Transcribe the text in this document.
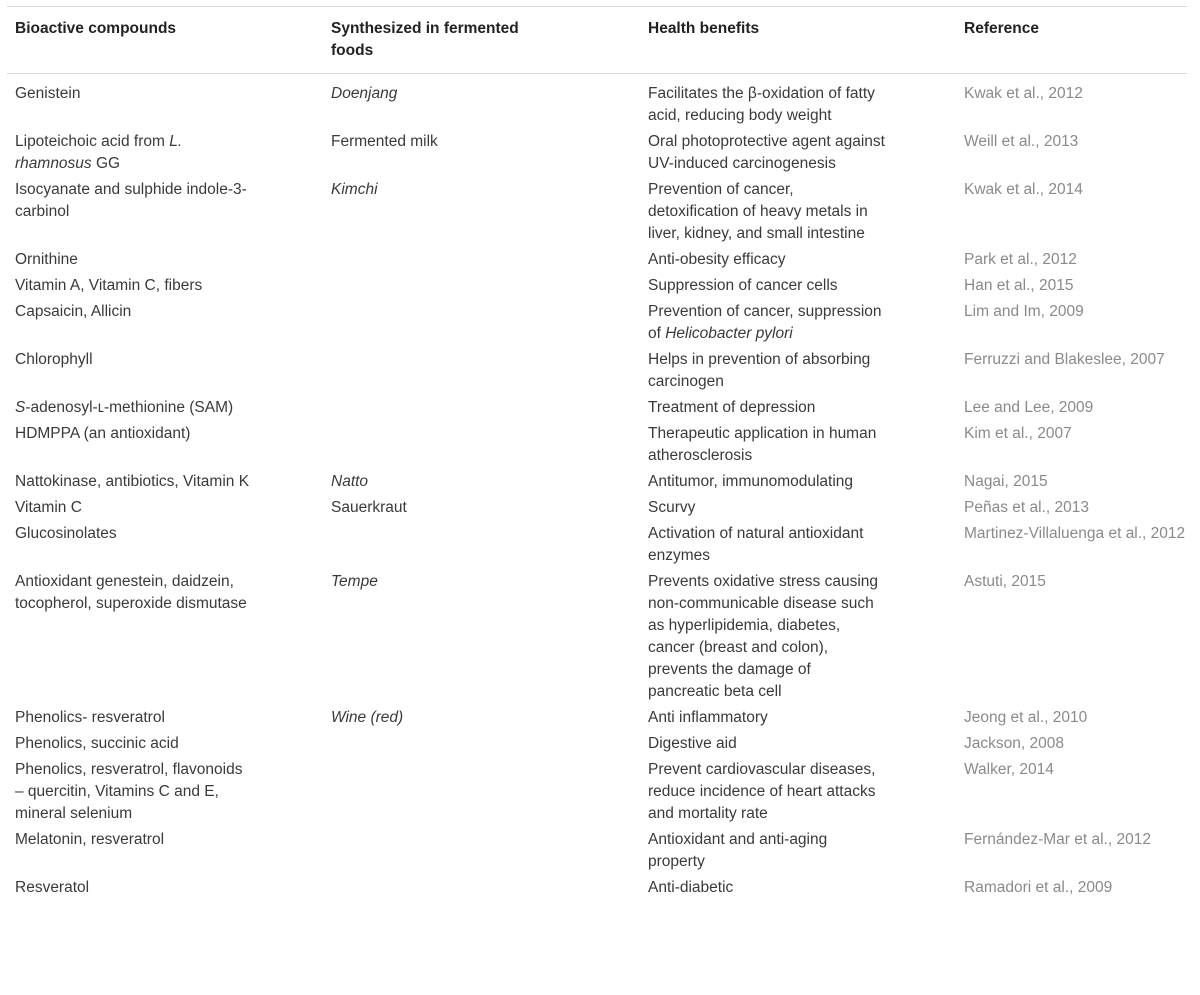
Bioactive compounds	Synthesized in fermented foods	Health benefits	Reference
Genistein	Doenjang	Facilitates the β-oxidation of fatty acid, reducing body weight	Kwak et al., 2012
Lipoteichoic acid from L. rhamnosus GG	Fermented milk	Oral photoprotective agent against UV-induced carcinogenesis	Weill et al., 2013
Isocyanate and sulphide indole-3-carbinol	Kimchi	Prevention of cancer, detoxification of heavy metals in liver, kidney, and small intestine	Kwak et al., 2014
Ornithine		Anti-obesity efficacy	Park et al., 2012
Vitamin A, Vitamin C, fibers		Suppression of cancer cells	Han et al., 2015
Capsaicin, Allicin		Prevention of cancer, suppression of Helicobacter pylori	Lim and Im, 2009
Chlorophyll		Helps in prevention of absorbing carcinogen	Ferruzzi and Blakeslee, 2007
S-adenosyl-ʟ-methionine (SAM)		Treatment of depression	Lee and Lee, 2009
HDMPPA (an antioxidant)		Therapeutic application in human atherosclerosis	Kim et al., 2007
Nattokinase, antibiotics, Vitamin K	Natto	Antitumor, immunomodulating	Nagai, 2015
Vitamin C	Sauerkraut	Scurvy	Peñas et al., 2013
Glucosinolates		Activation of natural antioxidant enzymes	Martinez-Villaluenga et al., 2012
Antioxidant genestein, daidzein, tocopherol, superoxide dismutase	Tempe	Prevents oxidative stress causing non-communicable disease such as hyperlipidemia, diabetes, cancer (breast and colon), prevents the damage of pancreatic beta cell	Astuti, 2015
Phenolics- resveratrol	Wine (red)	Anti inflammatory	Jeong et al., 2010
Phenolics, succinic acid		Digestive aid	Jackson, 2008
Phenolics, resveratrol, flavonoids – quercitin, Vitamins C and E, mineral selenium		Prevent cardiovascular diseases, reduce incidence of heart attacks and mortality rate	Walker, 2014
Melatonin, resveratrol		Antioxidant and anti-aging property	Fernández-Mar et al., 2012
Resveratol		Anti-diabetic	Ramadori et al., 2009
